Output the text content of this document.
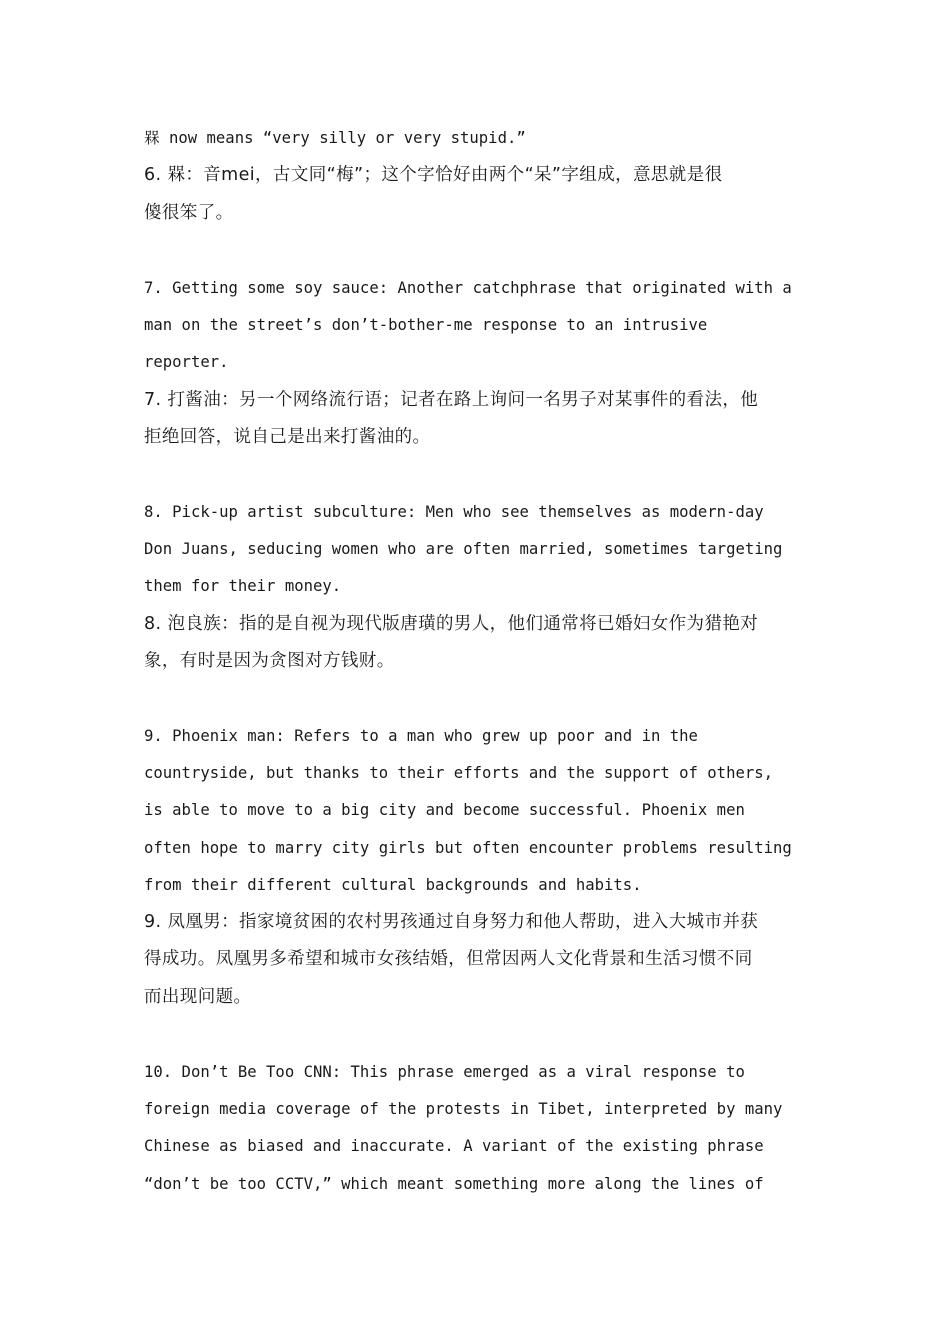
槑 now means “very silly or very stupid.”
6. 槑：音mei，古文同“梅”；这个字恰好由两个“呆”字组成，意思就是很
傻很笨了。
7. Getting some soy sauce: Another catchphrase that originated with a
man on the street’s don’t-bother-me response to an intrusive
reporter.
7. 打酱油：另一个网络流行语；记者在路上询问一名男子对某事件的看法，他
拒绝回答，说自己是出来打酱油的。
8. Pick-up artist subculture: Men who see themselves as modern-day
Don Juans, seducing women who are often married, sometimes targeting
them for their money.
8. 泡良族：指的是自视为现代版唐璜的男人，他们通常将已婚妇女作为猎艳对
象，有时是因为贪图对方钱财。
9. Phoenix man: Refers to a man who grew up poor and in the
countryside, but thanks to their efforts and the support of others,
is able to move to a big city and become successful. Phoenix men
often hope to marry city girls but often encounter problems resulting
from their different cultural backgrounds and habits.
9. 凤凰男：指家境贫困的农村男孩通过自身努力和他人帮助，进入大城市并获
得成功。凤凰男多希望和城市女孩结婚，但常因两人文化背景和生活习惯不同
而出现问题。
10. Don’t Be Too CNN: This phrase emerged as a viral response to
foreign media coverage of the protests in Tibet, interpreted by many
Chinese as biased and inaccurate. A variant of the existing phrase
“don’t be too CCTV,” which meant something more along the lines of
